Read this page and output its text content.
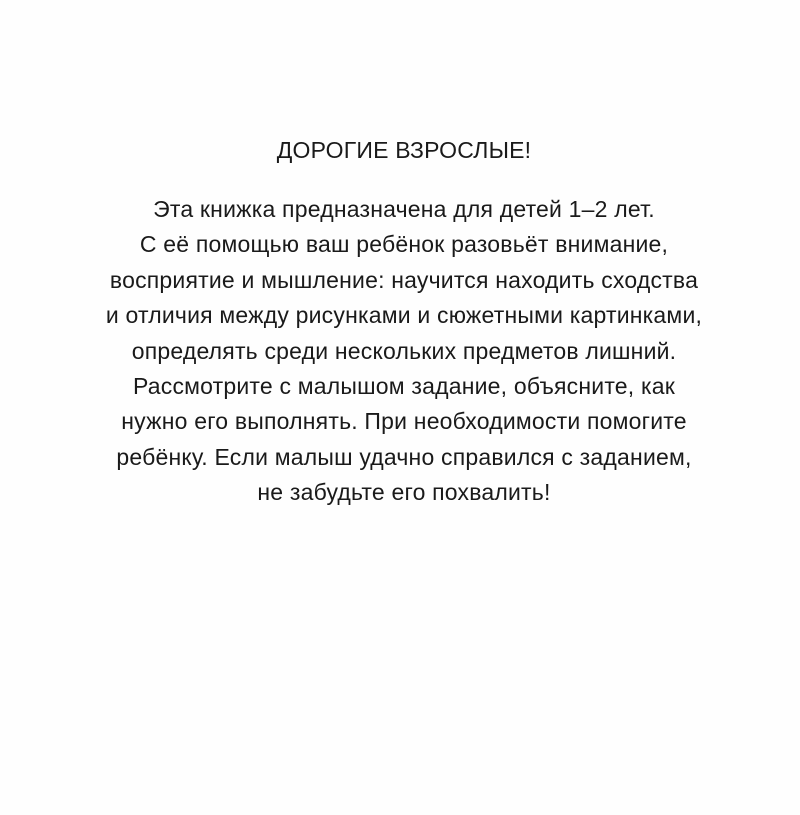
ДОРОГИЕ ВЗРОСЛЫЕ!
Эта книжка предназначена для детей 1–2 лет.
С её помощью ваш ребёнок разовьёт внимание,
восприятие и мышление: научится находить сходства
и отличия между рисунками и сюжетными картинками,
определять среди нескольких предметов лишний.
Рассмотрите с малышом задание, объясните, как
нужно его выполнять. При необходимости помогите
ребёнку. Если малыш удачно справился с заданием,
не забудьте его похвалить!
